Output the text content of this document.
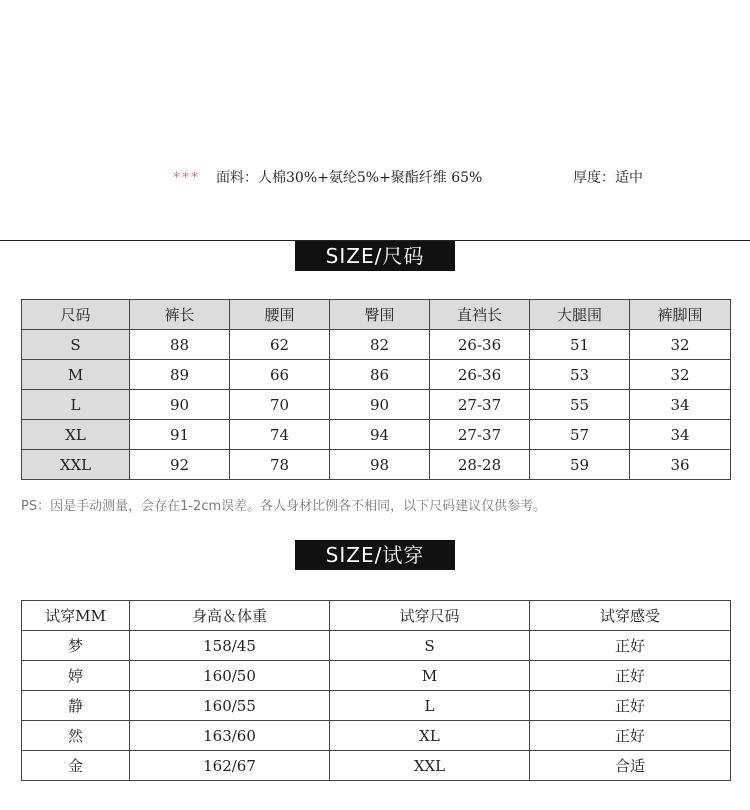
*** 面料：人棉30%+氨纶5%+聚酯纤维 65%	厚度：适中
SIZE/尺码
尺码	裤长	腰围	臀围	直裆长	大腿围	裤脚围
S	88	62	82	26-36	51	32
M	89	66	86	26-36	53	32
L	90	70	90	27-37	55	34
XL	91	74	94	27-37	57	34
XXL	92	78	98	28-28	59	36
PS：因是手动测量，会存在1-2cm误差。各人身材比例各不相同，以下尺码建议仅供参考。
SIZE/试穿
试穿MM	身高＆体重	试穿尺码	试穿感受
梦	158/45	S	正好
婷	160/50	M	正好
静	160/55	L	正好
然	163/60	XL	正好
金	162/67	XXL	合适
